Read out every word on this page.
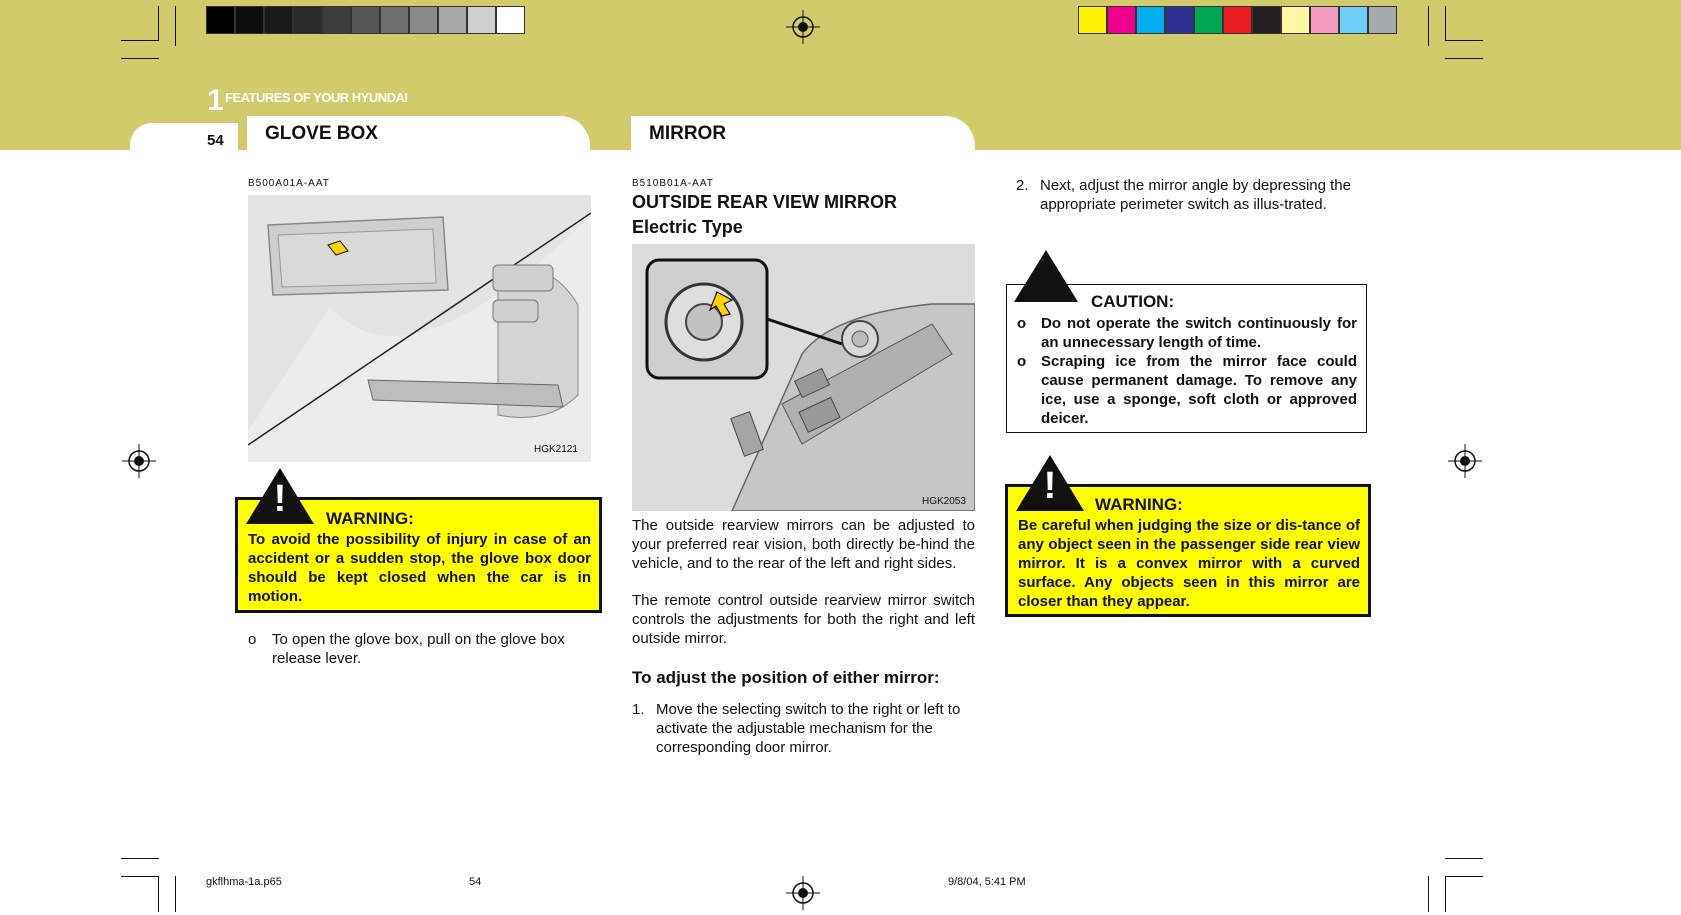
1 FEATURES OF YOUR HYUNDAI
54 GLOVE BOX	MIRROR
B500A01A-AAT
HGK2121
WARNING:
To avoid the possibility of injury in case of an accident or a sudden stop, the glove box door should be kept closed when the car is in motion.
!
o	To open the glove box, pull on the glove box release lever.
B510B01A-AAT
OUTSIDE REAR VIEW MIRROR
Electric Type
HGK2053
The outside rearview mirrors can be adjusted to your preferred rear vision, both directly be-hind the vehicle, and to the rear of the left and right sides.
The remote control outside rearview mirror switch controls the adjustments for both the right and left outside mirror.
To adjust the position of either mirror:
1. Move the selecting switch to the right or left to activate the adjustable mechanism for the corresponding door mirror.
2. Next, adjust the mirror angle by depressing the appropriate perimeter switch as illus-trated.
CAUTION:
o Do not operate the switch continuously for an unnecessary length of time.
o Scraping ice from the mirror face could cause permanent damage. To remove any ice, use a sponge, soft cloth or approved deicer.
!
WARNING:
Be careful when judging the size or dis-tance of any object seen in the passenger side rear view mirror. It is a convex mirror with a curved surface. Any objects seen in this mirror are closer than they appear.
!
gkflhma-1a.p65	54	9/8/04, 5:41 PM
